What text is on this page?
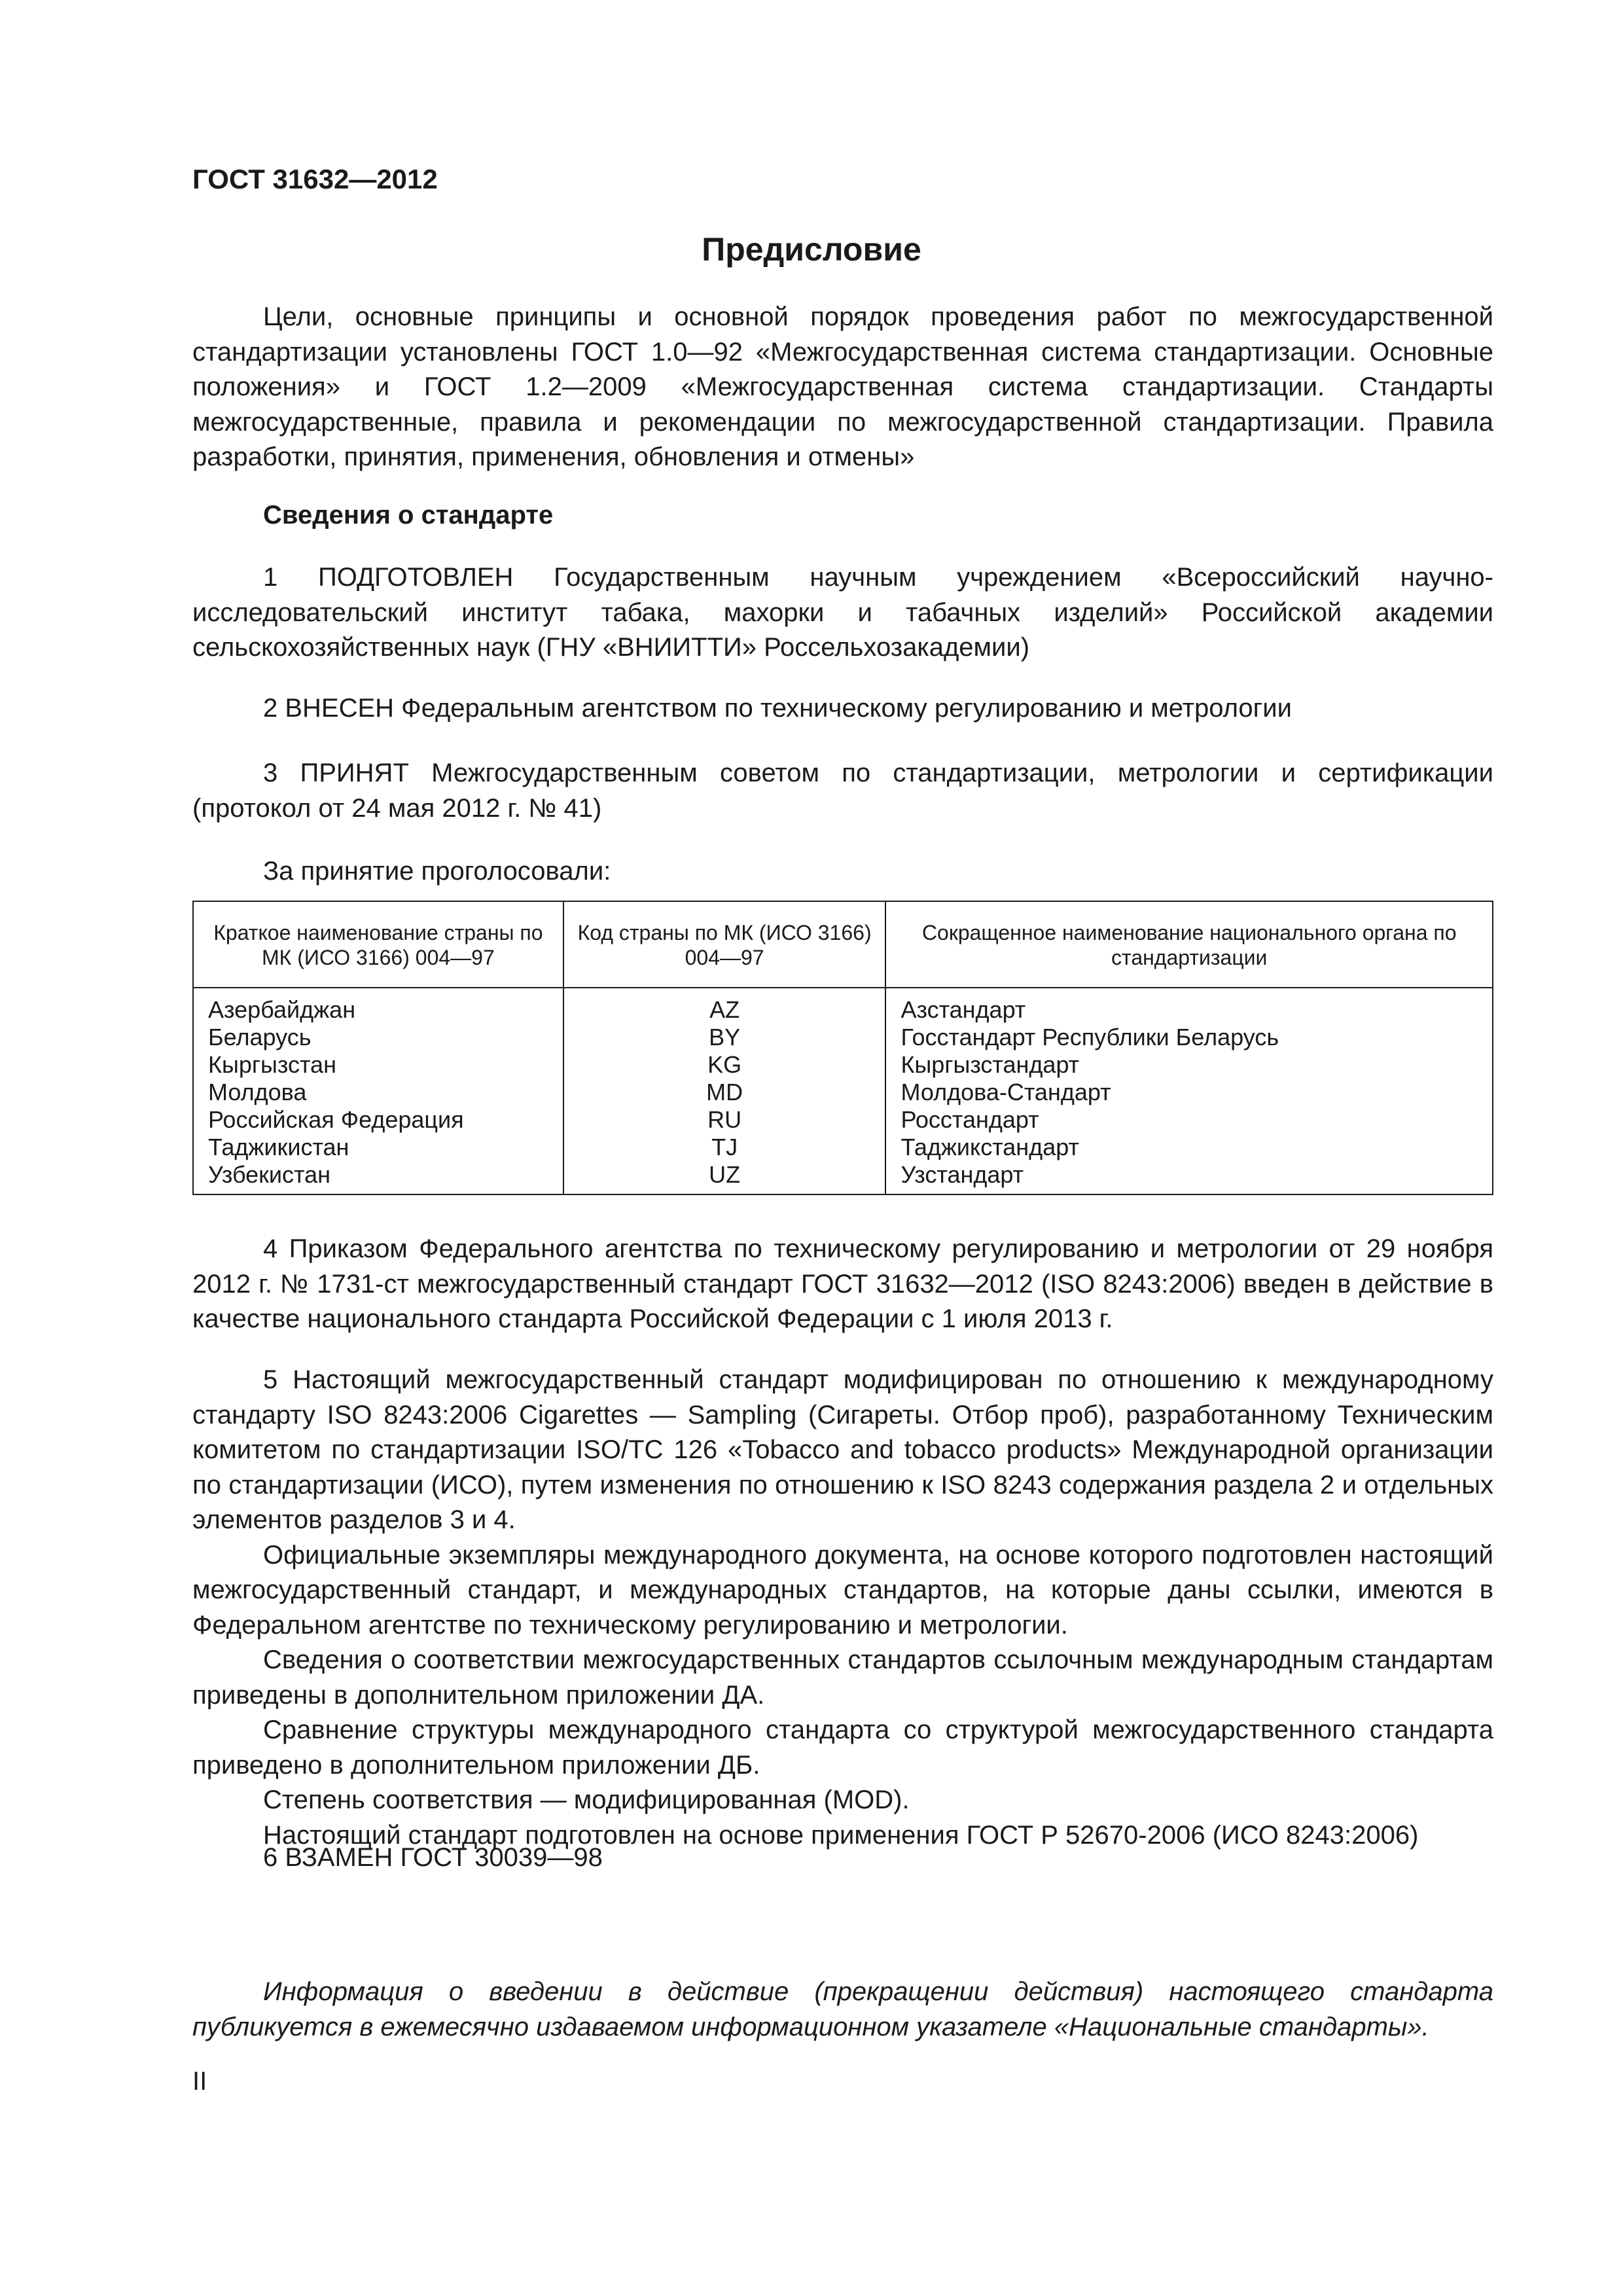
ГОСТ 31632—2012
Предисловие

Цели, основные принципы и основной порядок проведения работ по межгосударственной стандартизации установлены ГОСТ 1.0—92 «Межгосударственная система стандартизации. Основные положения» и ГОСТ 1.2—2009 «Межгосударственная система стандартизации. Стандарты межгосударственные, правила и рекомендации по межгосударственной стандартизации. Правила разработки, принятия, применения, обновления и отмены»

Сведения о стандарте

1 ПОДГОТОВЛЕН Государственным научным учреждением «Всероссийский научно-исследовательский институт табака, махорки и табачных изделий» Российской академии сельскохозяйственных наук (ГНУ «ВНИИТТИ» Россельхозакадемии)

2 ВНЕСЕН Федеральным агентством по техническому регулированию и метрологии

3 ПРИНЯТ Межгосударственным советом по стандартизации, метрологии и сертификации (протокол от 24 мая 2012 г. № 41)

За принятие проголосовали:

Краткое наименование страны по МК (ИСО 3166) 004—97	Код страны по МК (ИСО 3166) 004—97	Сокращенное наименование национального органа по стандартизации
Азербайджан	AZ	Азстандарт
Беларусь	BY	Госстандарт Республики Беларусь
Кыргызстан	KG	Кыргызстандарт
Молдова	MD	Молдова-Стандарт
Российская Федерация	RU	Росстандарт
Таджикистан	TJ	Таджикстандарт
Узбекистан	UZ	Узстандарт

4 Приказом Федерального агентства по техническому регулированию и метрологии от 29 ноября 2012 г. № 1731-ст межгосударственный стандарт ГОСТ 31632—2012 (ISO 8243:2006) введен в действие в качестве национального стандарта Российской Федерации с 1 июля 2013 г.

5 Настоящий межгосударственный стандарт модифицирован по отношению к международному стандарту ISO 8243:2006 Cigarettes — Sampling (Сигареты. Отбор проб), разработанному Техническим комитетом по стандартизации ISO/TC 126 «Tobacco and tobacco products» Международной организации по стандартизации (ИСО), путем изменения по отношению к ISO 8243 содержания раздела 2 и отдельных элементов разделов 3 и 4.

Официальные экземпляры международного документа, на основе которого подготовлен настоящий межгосударственный стандарт, и международных стандартов, на которые даны ссылки, имеются в Федеральном агентстве по техническому регулированию и метрологии.

Сведения о соответствии межгосударственных стандартов ссылочным международным стандартам приведены в дополнительном приложении ДА.

Сравнение структуры международного стандарта со структурой межгосударственного стандарта приведено в дополнительном приложении ДБ.

Степень соответствия — модифицированная (MOD).

Настоящий стандарт подготовлен на основе применения ГОСТ Р 52670-2006 (ИСО 8243:2006)

6 ВЗАМЕН ГОСТ 30039—98

Информация о введении в действие (прекращении действия) настоящего стандарта публикуется в ежемесячно издаваемом информационном указателе «Национальные стандарты».

II
